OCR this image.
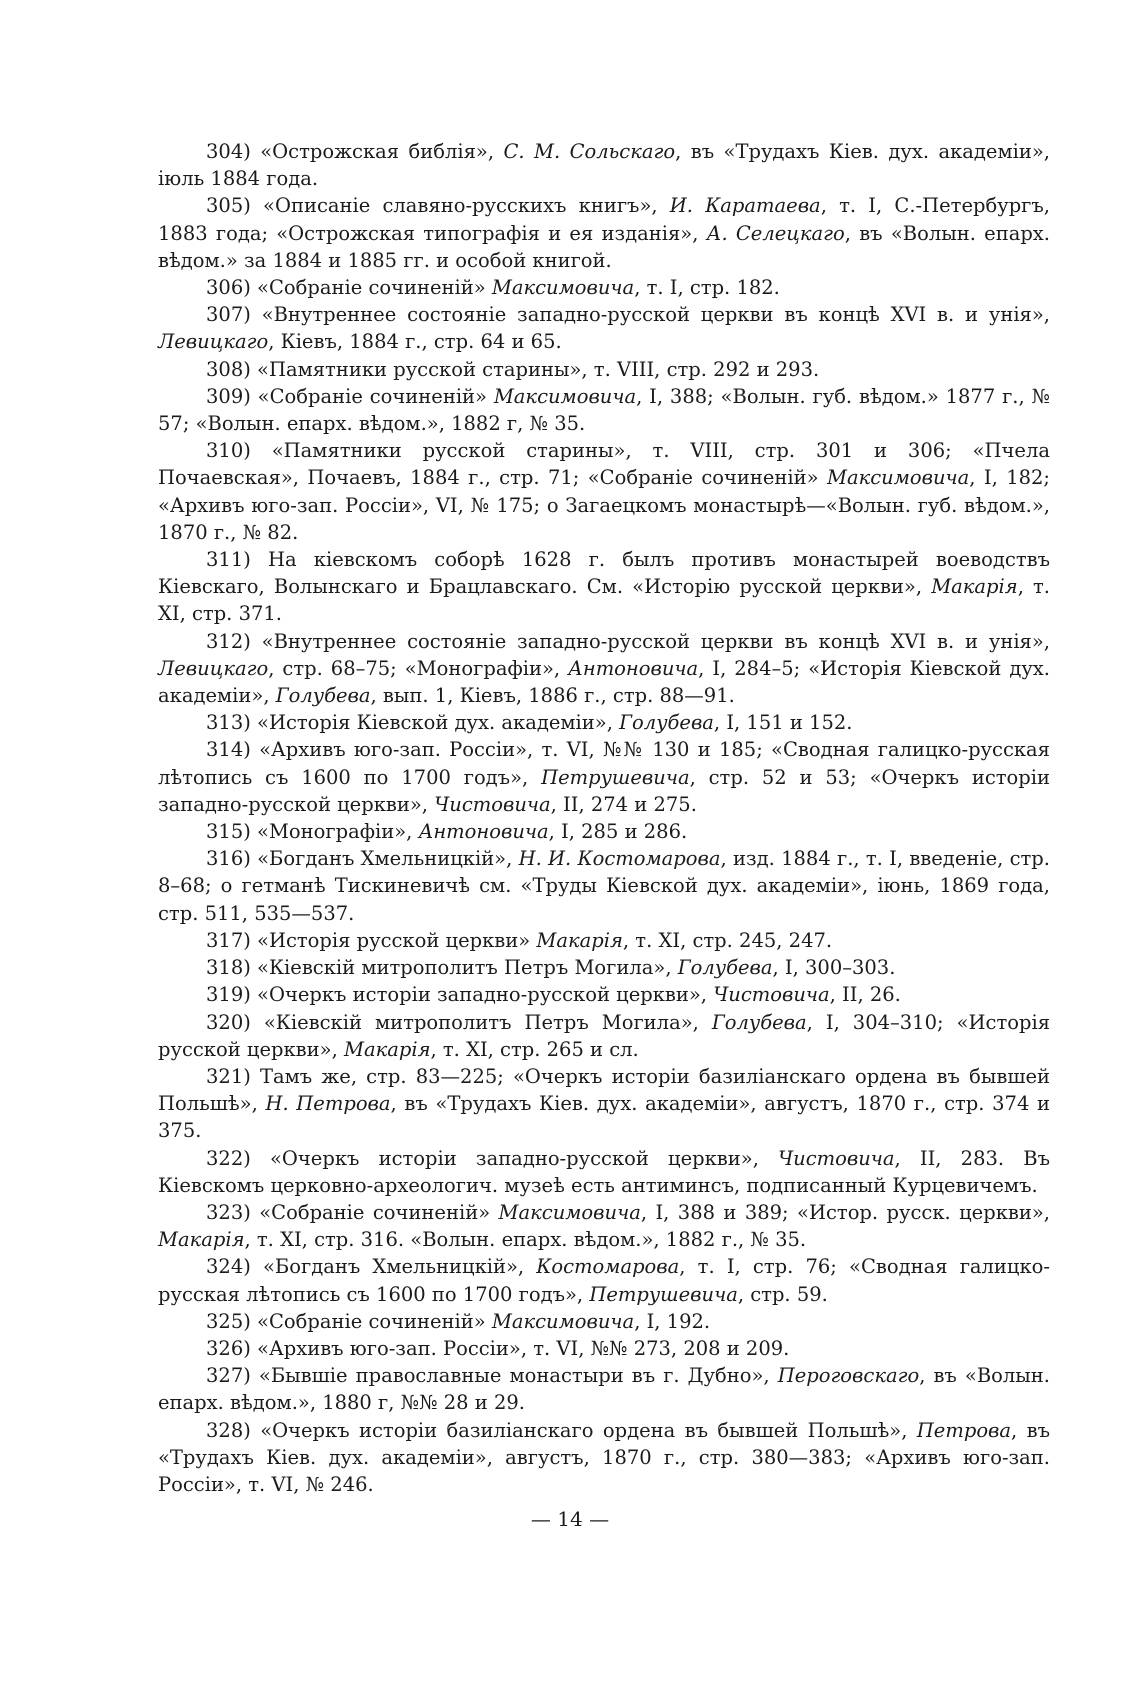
304) «Острожская библія», С. М. Сольскаго, въ «Трудахъ Кіев. дух. академіи», іюль 1884 года.

305) «Описаніе славяно-русскихъ книгъ», И. Каратаева, т. I, С.-Петербургъ, 1883 года; «Острожская типографія и ея изданія», А. Селецкаго, въ «Волын. епарх. вѣдом.» за 1884 и 1885 гг. и особой книгой.

306) «Собраніе сочиненій» Максимовича, т. I, стр. 182.

307) «Внутреннее состояніе западно-русской церкви въ концѣ XVI в. и унія», Левицкаго, Кіевъ, 1884 г., стр. 64 и 65.

308) «Памятники русской старины», т. VIII, стр. 292 и 293.

309) «Собраніе сочиненій» Максимовича, I, 388; «Волын. губ. вѣдом.» 1877 г., № 57; «Волын. епарх. вѣдом.», 1882 г, № 35.

310) «Памятники русской старины», т. VIII, стр. 301 и 306; «Пчела Почаевская», Почаевъ, 1884 г., стр. 71; «Собраніе сочиненій» Максимовича, I, 182; «Архивъ юго-зап. Россіи», VI, № 175; о Загаецкомъ монастырѣ—«Волын. губ. вѣдом.», 1870 г., № 82.

311) На кіевскомъ соборѣ 1628 г. былъ противъ монастырей воеводствъ Кіевскаго, Волынскаго и Брацлавскаго. См. «Исторію русской церкви», Макарія, т. XI, стр. 371.

312) «Внутреннее состояніе западно-русской церкви въ концѣ XVI в. и унія», Левицкаго, стр. 68–75; «Монографіи», Антоновича, I, 284–5; «Исторія Кіевской дух. академіи», Голубева, вып. 1, Кіевъ, 1886 г., стр. 88—91.

313) «Исторія Кіевской дух. академіи», Голубева, I, 151 и 152.

314) «Архивъ юго-зап. Россіи», т. VI, №№ 130 и 185; «Сводная галицко-русская лѣтопись съ 1600 по 1700 годъ», Петрушевича, стр. 52 и 53; «Очеркъ исторіи западно-русской церкви», Чистовича, II, 274 и 275.

315) «Монографіи», Антоновича, I, 285 и 286.

316) «Богданъ Хмельницкій», Н. И. Костомарова, изд. 1884 г., т. I, введеніе, стр. 8–68; о гетманѣ Тискиневичѣ см. «Труды Кіевской дух. академіи», іюнь, 1869 года, стр. 511, 535—537.

317) «Исторія русской церкви» Макарія, т. XI, стр. 245, 247.

318) «Кіевскій митрополитъ Петръ Могила», Голубева, I, 300–303.

319) «Очеркъ исторіи западно-русской церкви», Чистовича, II, 26.

320) «Кіевскій митрополитъ Петръ Могила», Голубева, I, 304–310; «Исторія русской церкви», Макарія, т. XI, стр. 265 и сл.

321) Тамъ же, стр. 83—225; «Очеркъ исторіи базиліанскаго ордена въ бывшей Польшѣ», Н. Петрова, въ «Трудахъ Кіев. дух. академіи», августъ, 1870 г., стр. 374 и 375.

322) «Очеркъ исторіи западно-русской церкви», Чистовича, II, 283. Въ Кіевскомъ церковно-археологич. музеѣ есть антиминсъ, подписанный Курцевичемъ.

323) «Собраніе сочиненій» Максимовича, I, 388 и 389; «Истор. русск. церкви», Макарія, т. XI, стр. 316. «Волын. епарх. вѣдом.», 1882 г., № 35.

324) «Богданъ Хмельницкій», Костомарова, т. I, стр. 76; «Сводная галицко-русская лѣтопись съ 1600 по 1700 годъ», Петрушевича, стр. 59.

325) «Собраніе сочиненій» Максимовича, I, 192.

326) «Архивъ юго-зап. Россіи», т. VI, №№ 273, 208 и 209.

327) «Бывшіе православные монастыри въ г. Дубно», Пероговскаго, въ «Волын. епарх. вѣдом.», 1880 г, №№ 28 и 29.

328) «Очеркъ исторіи базиліанскаго ордена въ бывшей Польшѣ», Петрова, въ «Трудахъ Кіев. дух. академіи», августъ, 1870 г., стр. 380—383; «Архивъ юго-зап. Россіи», т. VI, № 246.

— 14 —
